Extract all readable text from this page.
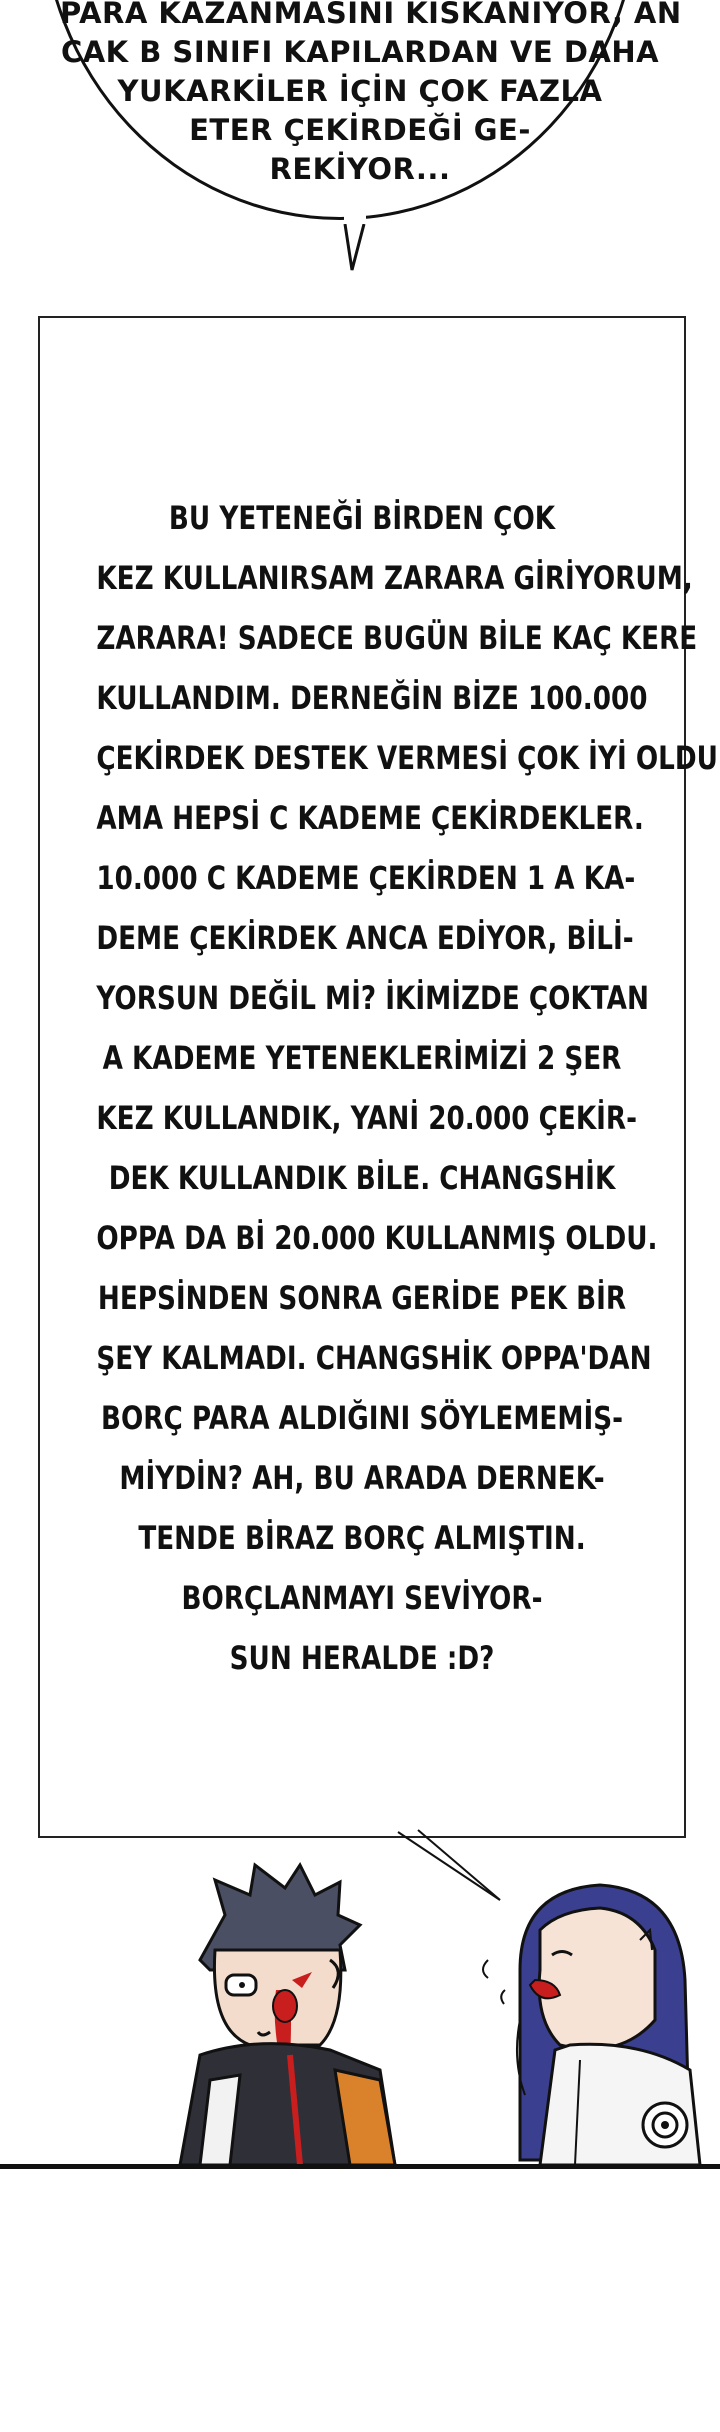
PARA KAZANMASINI KISKANIYOR, AN
CAK B SINIFI KAPILARDAN VE DAHA
YUKARKİLER İÇİN ÇOK FAZLA
ETER ÇEKİRDEĞİ GE-
REKİYOR...
BU YETENEĞİ BİRDEN ÇOK
KEZ KULLANIRSAM ZARARA GİRİYORUM,
ZARARA! SADECE BUGÜN BİLE KAÇ KERE
KULLANDIM. DERNEĞİN BİZE 100.000
ÇEKİRDEK DESTEK VERMESİ ÇOK İYİ OLDU
AMA HEPSİ C KADEME ÇEKİRDEKLER.
10.000 C KADEME ÇEKİRDEN 1 A KA-
DEME ÇEKİRDEK ANCA EDİYOR, BİLİ-
YORSUN DEĞİL Mİ? İKİMİZDE ÇOKTAN
A KADEME YETENEKLERİMİZİ 2 ŞER
KEZ KULLANDIK, YANİ 20.000 ÇEKİR-
DEK KULLANDIK BİLE. CHANGSHİK
OPPA DA Bİ 20.000 KULLANMIŞ OLDU.
HEPSİNDEN SONRA GERİDE PEK BİR
ŞEY KALMADI. CHANGSHİK OPPA'DAN
BORÇ PARA ALDIĞINI SÖYLEMEMİŞ-
MİYDİN? AH, BU ARADA DERNEK-
TENDE BİRAZ BORÇ ALMIŞTIN.
BORÇLANMAYI SEVİYOR-
SUN HERALDE :D?
